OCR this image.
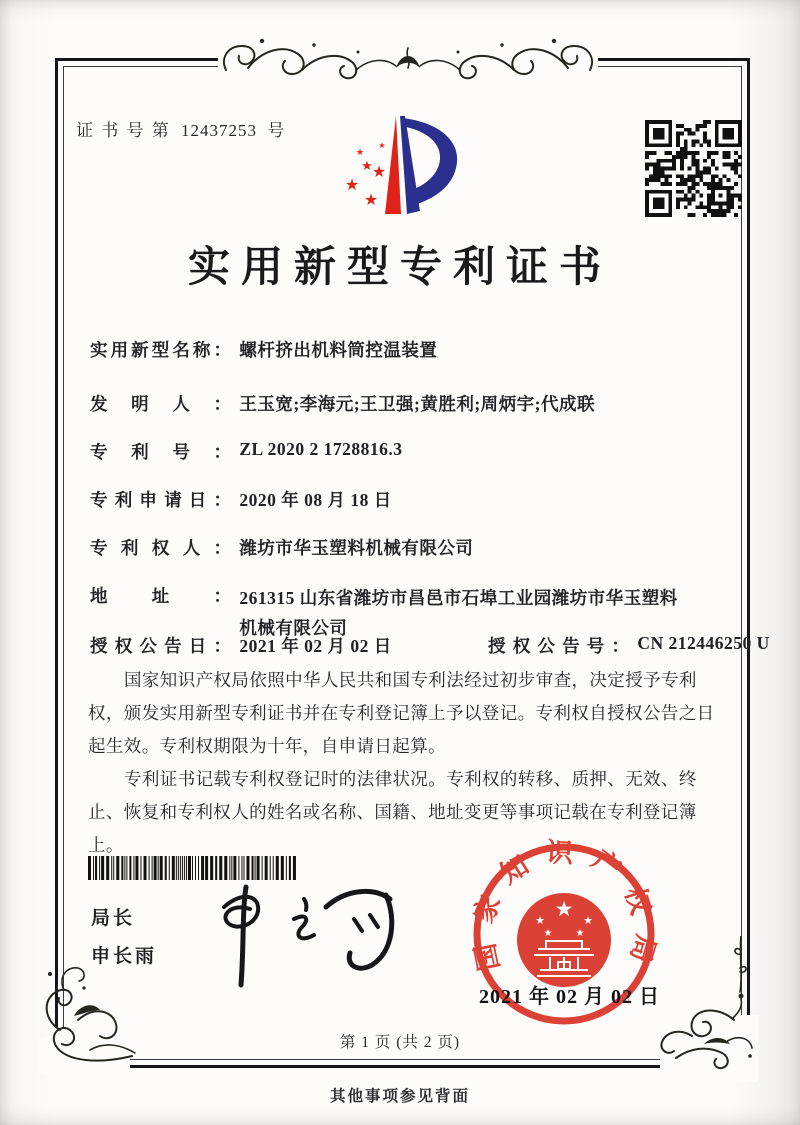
证 书 号 第 12437253 号
★
★ ★
★
★
★
实用新型专利证书
实用新型名称： 螺杆挤出机料筒控温装置
发明人： 王玉宽;李海元;王卫强;黄胜利;周炳宇;代成联
专利号： ZL 2020 2 1728816.3
专利申请日： 2020 年 08 月 18 日
专利权人： 潍坊市华玉塑料机械有限公司
地址： 261315 山东省潍坊市昌邑市石埠工业园潍坊市华玉塑料
机械有限公司
授权公告日： 2021 年 02 月 02 日	授权公告号： CN 212446250 U

国家知识产权局依照中华人民共和国专利法经过初步审查，决定授予专利权，颁发实用新型专利证书并在专利登记簿上予以登记。专利权自授权公告之日起生效。专利权期限为十年，自申请日起算。

专利证书记载专利权登记时的法律状况。专利权的转移、质押、无效、终止、恢复和专利权人的姓名或名称、国籍、地址变更等事项记载在专利登记簿上。

局长
申长雨	国家知识产权局
★
★	★
★ ★
2021 年 02 月 02 日
第 1 页 (共 2 页)
其他事项参见背面
